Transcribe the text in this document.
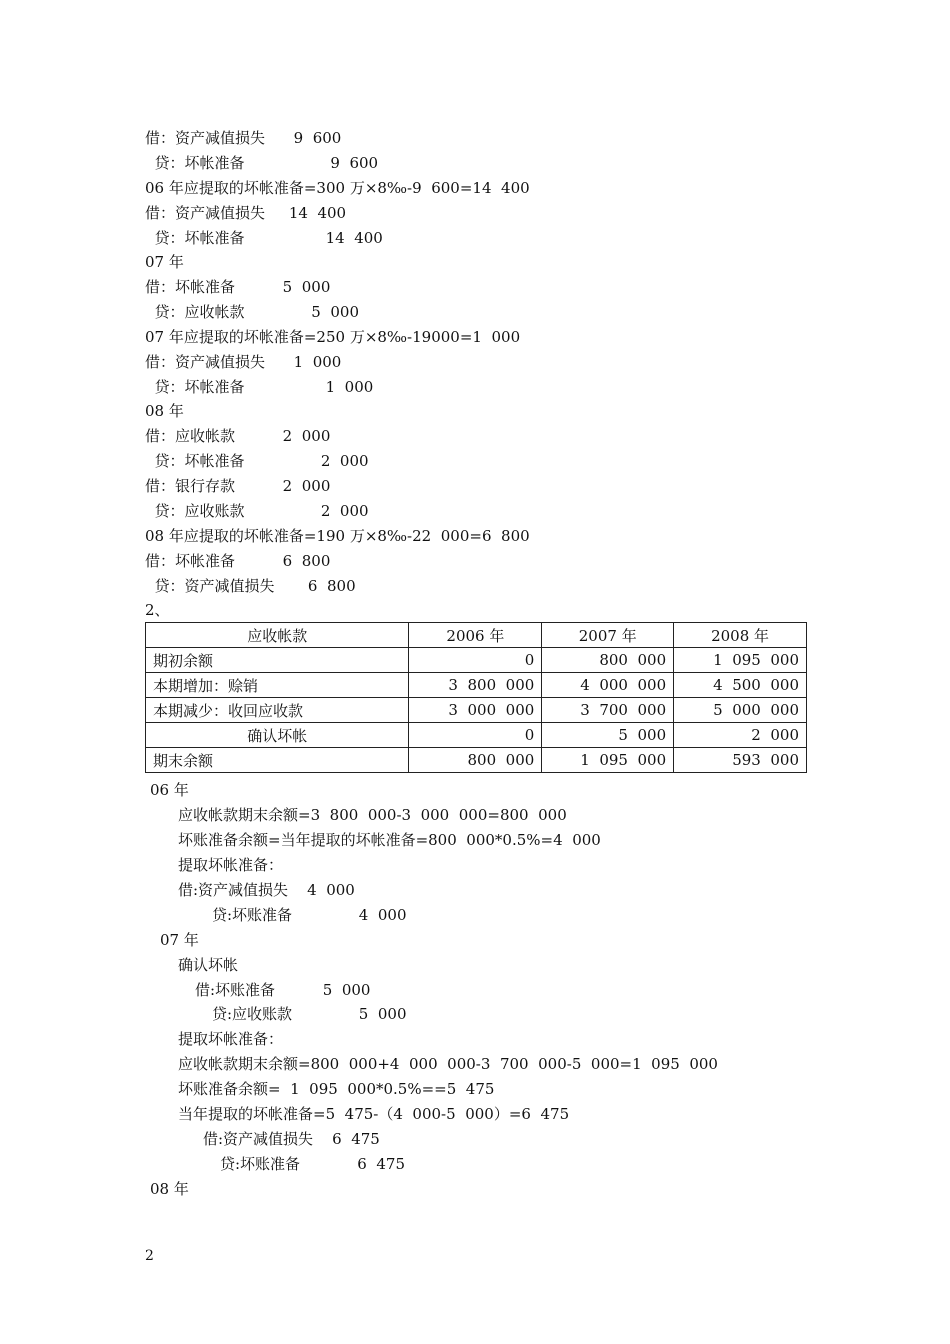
借：资产减值损失      9  600
贷：坏帐准备                  9  600
06 年应提取的坏帐准备=300 万×8‰-9  600=14  400
借：资产减值损失     14  400
贷：坏帐准备                 14  400
07 年
借：坏帐准备          5  000
贷：应收帐款              5  000
07 年应提取的坏帐准备=250 万×8‰-19000=1  000
借：资产减值损失      1  000
贷：坏帐准备                 1  000
08 年
借：应收帐款          2  000
贷：坏帐准备                2  000
借：银行存款          2  000
贷：应收账款                2  000
08 年应提取的坏帐准备=190 万×8‰-22  000=6  800
借：坏帐准备          6  800
贷：资产减值损失       6  800
2、
应收帐款	2006 年	2007 年	2008 年
期初余额	0	800  000	1  095  000
本期增加：赊销	3  800  000	4  000  000	4  500  000
本期减少：收回应收款	3  000  000	3  700  000	5  000  000
确认坏帐	0	5  000	2  000
期末余额	800  000	1  095  000	593  000
06 年
应收帐款期末余额=3  800  000-3  000  000=800  000
坏账准备余额=当年提取的坏帐准备=800  000*0.5%=4  000
提取坏帐准备：
借:资产减值损失    4  000
贷:坏账准备              4  000
07 年
确认坏帐
借:坏账准备          5  000
贷:应收账款              5  000
提取坏帐准备：
应收帐款期末余额=800  000+4  000  000-3  700  000-5  000=1  095  000
坏账准备余额=  1  095  000*0.5%==5  475
当年提取的坏帐准备=5  475-（4  000-5  000）=6  475
借:资产减值损失    6  475
贷:坏账准备            6  475
08 年
2
